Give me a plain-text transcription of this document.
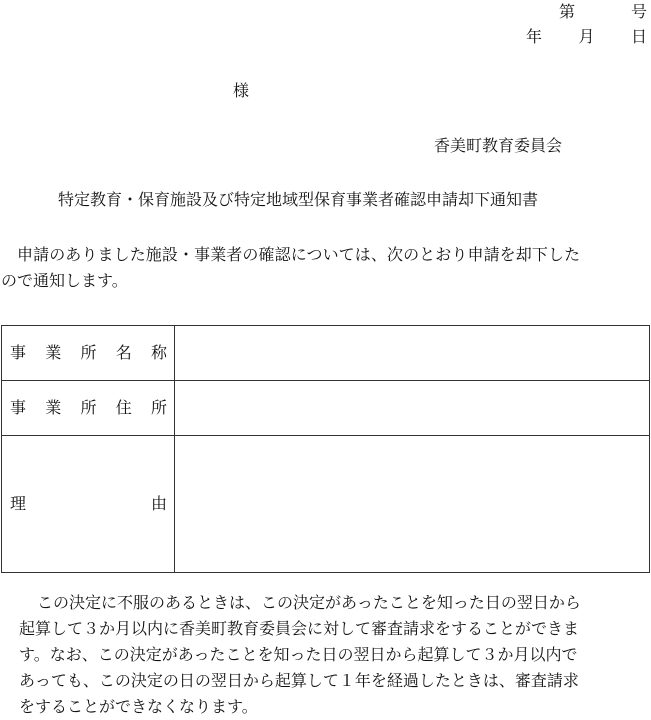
第	号
年 月 日
様
香美町教育委員会
特定教育・保育施設及び特定地域型保育事業者確認申請却下通知書
申請のありました施設・事業者の確認については、次のとおり申請を却下した
ので通知します。
事 業 所 名 称
事 業 所 住 所
理	由
この決定に不服のあるときは、この決定があったことを知った日の翌日から
起算して３か月以内に香美町教育委員会に対して審査請求をすることができま
す。なお、この決定があったことを知った日の翌日から起算して３か月以内で
あっても、この決定の日の翌日から起算して１年を経過したときは、審査請求
をすることができなくなります。
